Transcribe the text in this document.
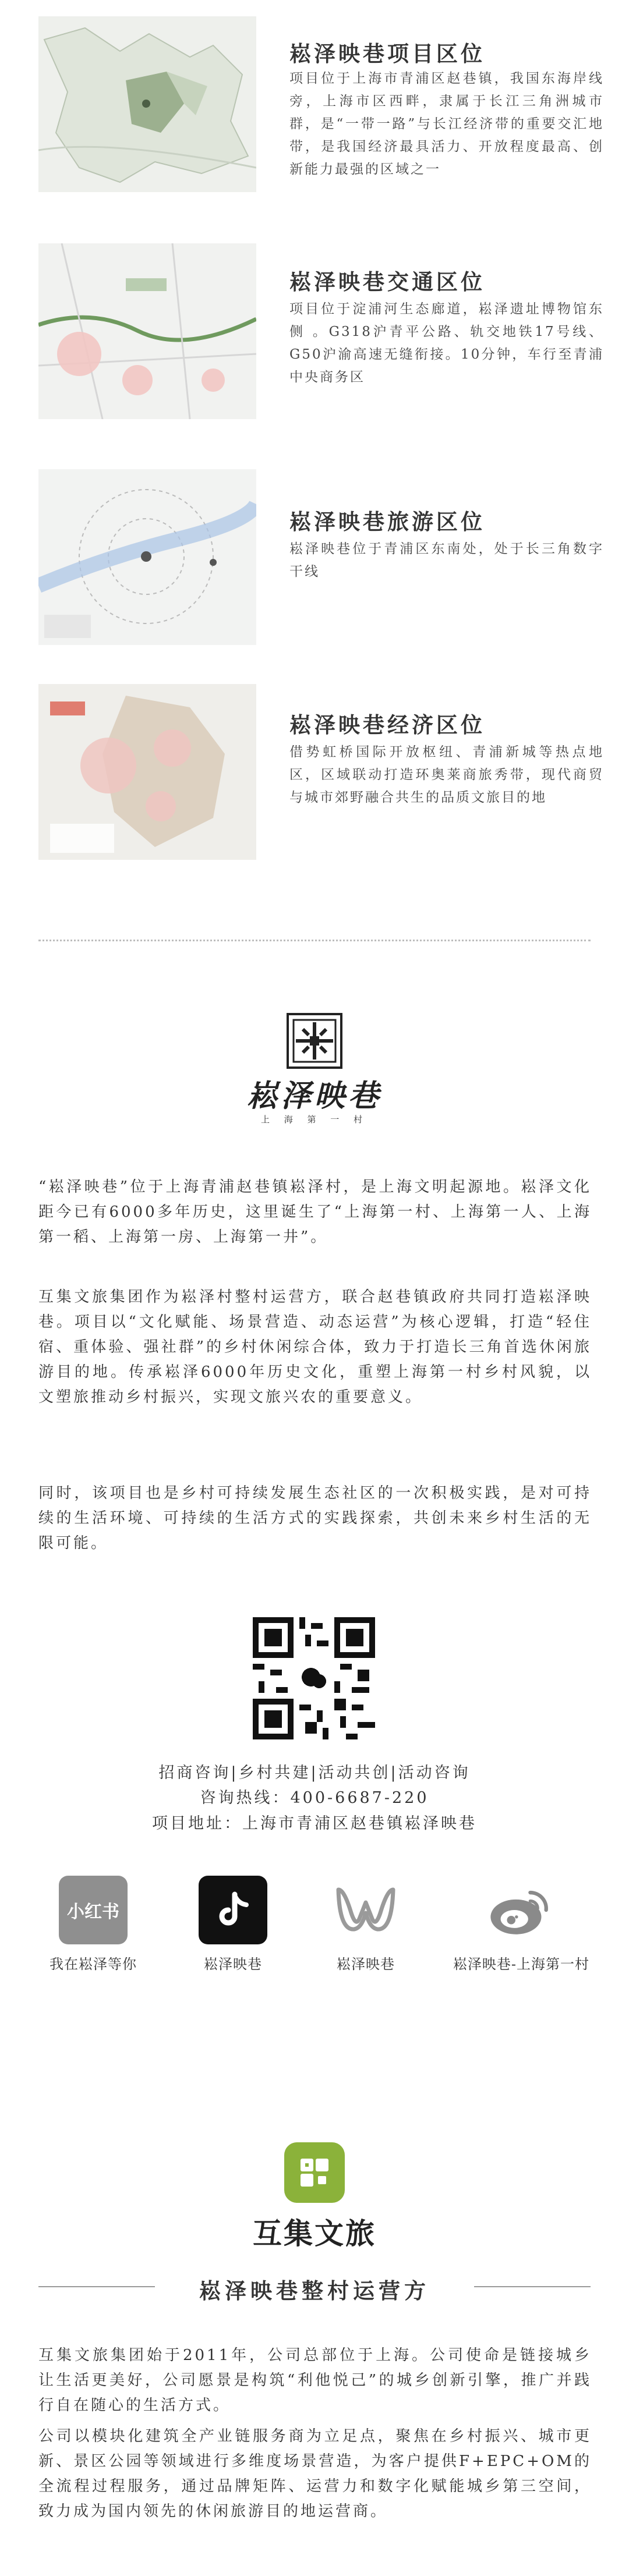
崧泽映巷项目区位
项目位于上海市青浦区赵巷镇，我国东海岸线旁，上海市区西畔，隶属于长江三角洲城市群，是“一带一路”与长江经济带的重要交汇地带，是我国经济最具活力、开放程度最高、创新能力最强的区域之一
崧泽映巷交通区位
项目位于淀浦河生态廊道，崧泽遗址博物馆东侧 。G318沪青平公路、轨交地铁17号线、G50沪渝高速无缝衔接。10分钟，车行至青浦中央商务区
崧泽映巷旅游区位
崧泽映巷位于青浦区东南处，处于长三角数字干线
崧泽映巷经济区位
借势虹桥国际开放枢纽、青浦新城等热点地区，区域联动打造环奥莱商旅秀带，现代商贸与城市郊野融合共生的品质文旅目的地
崧泽映巷
上 海 第 一 村
“崧泽映巷”位于上海青浦赵巷镇崧泽村，是上海文明起源地。崧泽文化距今已有6000多年历史，这里诞生了“上海第一村、上海第一人、上海第一稻、上海第一房、上海第一井”。
互集文旅集团作为崧泽村整村运营方，联合赵巷镇政府共同打造崧泽映巷。项目以“文化赋能、场景营造、动态运营”为核心逻辑，打造“轻住宿、重体验、强社群”的乡村休闲综合体，致力于打造长三角首选休闲旅游目的地。传承崧泽6000年历史文化，重塑上海第一村乡村风貌，以文塑旅推动乡村振兴，实现文旅兴农的重要意义。
同时，该项目也是乡村可持续发展生态社区的一次积极实践，是对可持续的生活环境、可持续的生活方式的实践探索，共创未来乡村生活的无限可能。
招商咨询|乡村共建|活动共创|活动咨询
咨询热线：400-6687-220
项目地址：上海市青浦区赵巷镇崧泽映巷
小红书
我在崧泽等你	崧泽映巷	崧泽映巷	崧泽映巷-上海第一村
互集文旅
崧泽映巷整村运营方
互集文旅集团始于2011年，公司总部位于上海。公司使命是链接城乡让生活更美好，公司愿景是构筑“利他悦己”的城乡创新引擎，推广并践行自在随心的生活方式。
公司以模块化建筑全产业链服务商为立足点，聚焦在乡村振兴、城市更新、景区公园等领域进行多维度场景营造，为客户提供F+EPC+OM的全流程过程服务，通过品牌矩阵、运营力和数字化赋能城乡第三空间，致力成为国内领先的休闲旅游目的地运营商。
